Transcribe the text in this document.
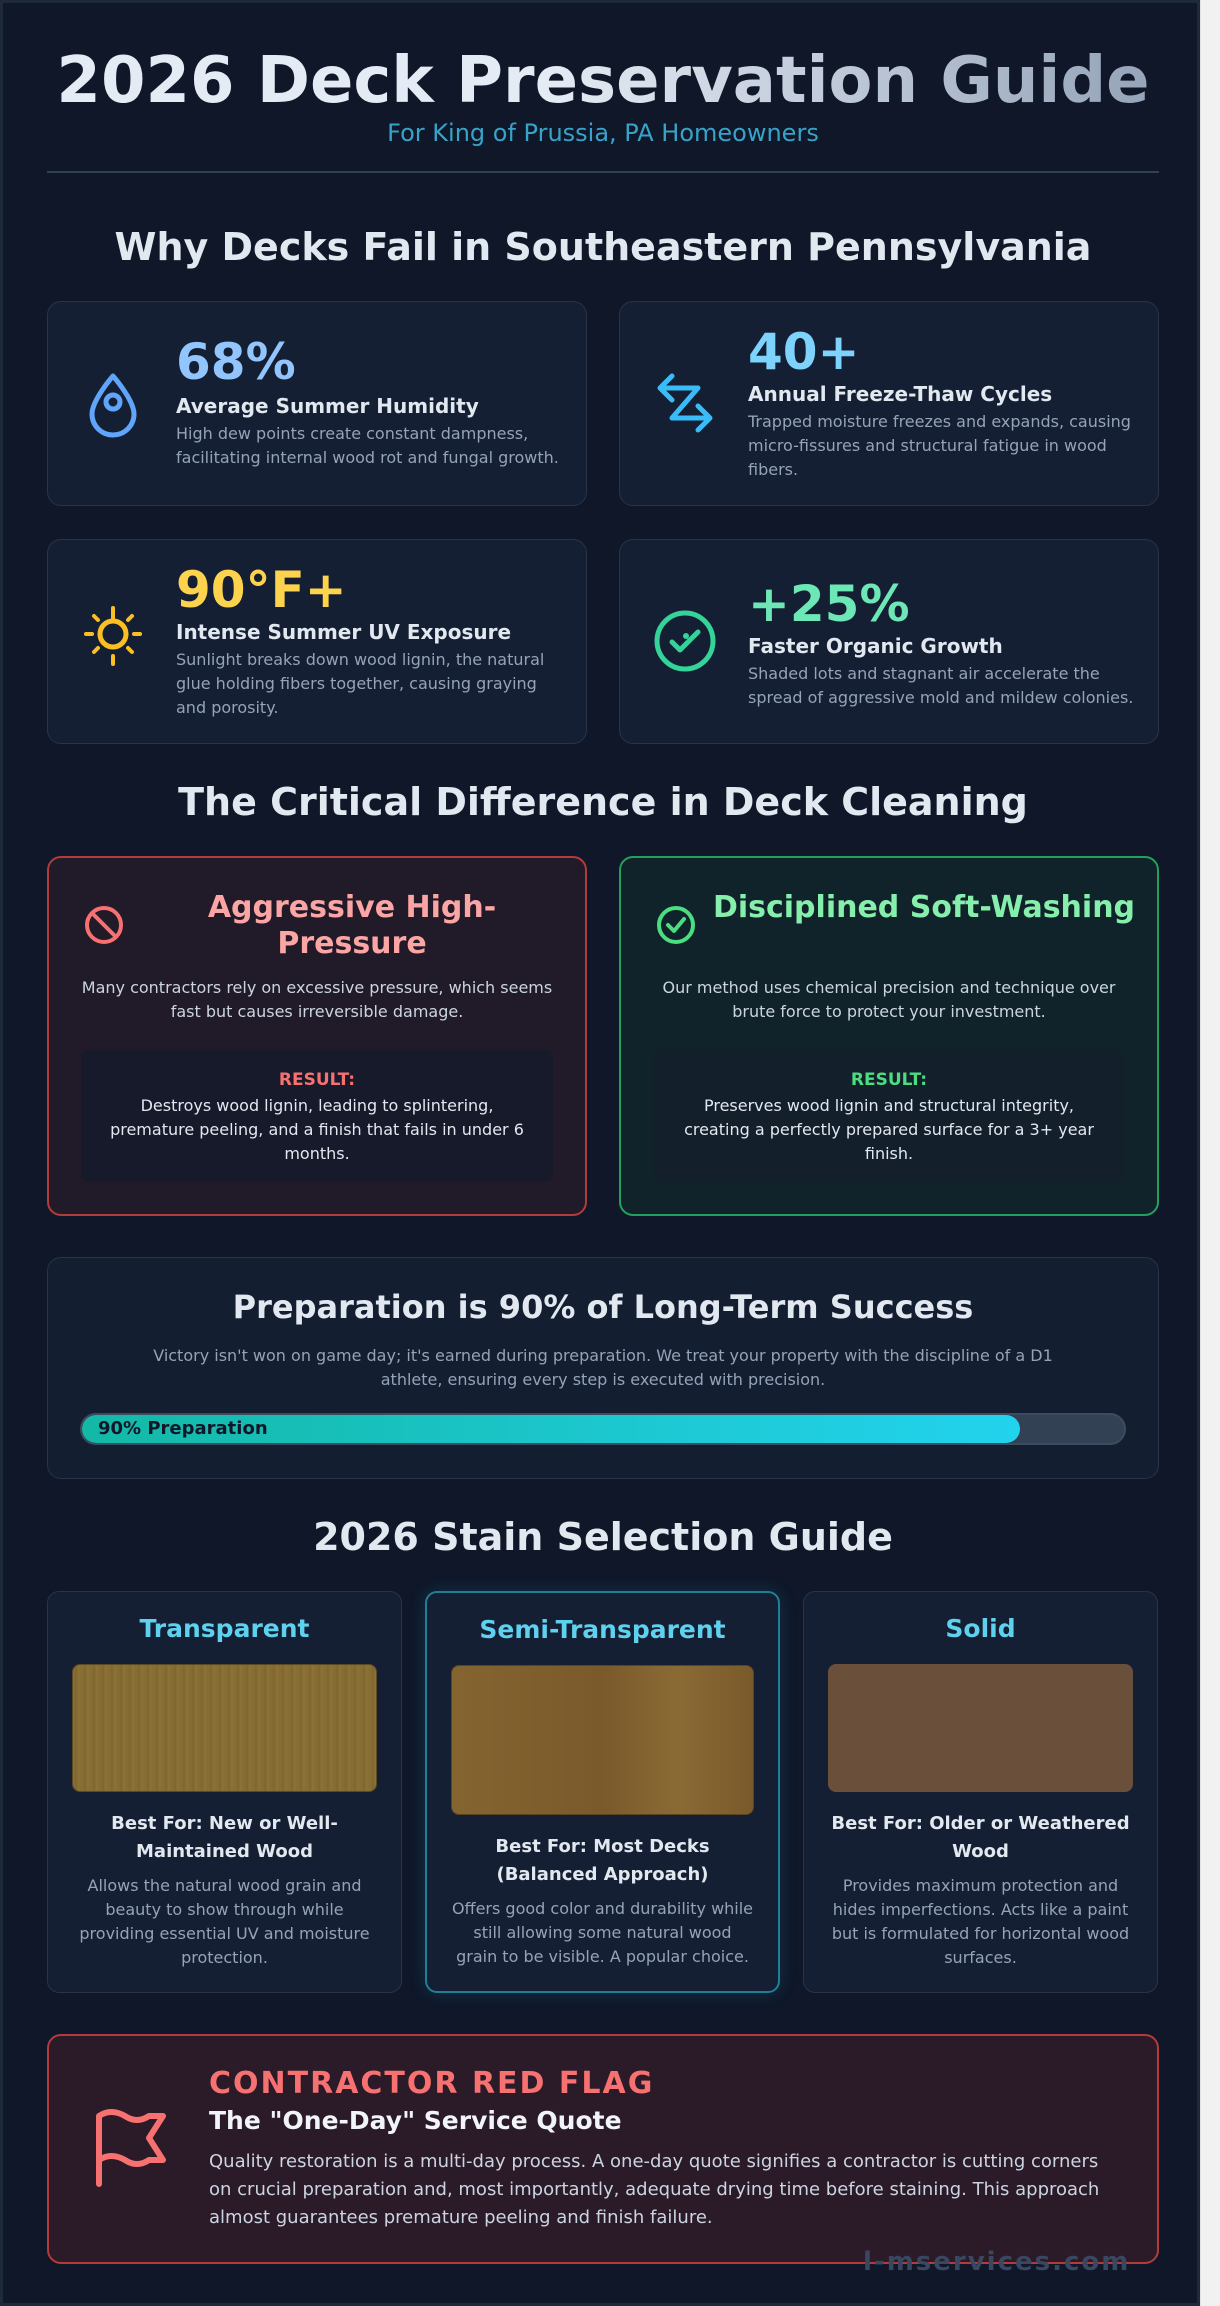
2026 Deck Preservation Guide
For King of Prussia, PA Homeowners
Why Decks Fail in Southeastern Pennsylvania
68%
Average Summer Humidity
High dew points create constant dampness, facilitating internal wood rot and fungal growth.
40+
Annual Freeze-Thaw Cycles
Trapped moisture freezes and expands, causing micro-fissures and structural fatigue in wood fibers.
90°F+
Intense Summer UV Exposure
Sunlight breaks down wood lignin, the natural glue holding fibers together, causing graying and porosity.
+25%
Faster Organic Growth
Shaded lots and stagnant air accelerate the spread of aggressive mold and mildew colonies.
The Critical Difference in Deck Cleaning
Aggressive High-Pressure
Many contractors rely on excessive pressure, which seems fast but causes irreversible damage.
RESULT:
Destroys wood lignin, leading to splintering, premature peeling, and a finish that fails in under 6 months.
Disciplined Soft-Washing
Our method uses chemical precision and technique over brute force to protect your investment.
RESULT:
Preserves wood lignin and structural integrity, creating a perfectly prepared surface for a 3+ year finish.
Preparation is 90% of Long-Term Success
Victory isn't won on game day; it's earned during preparation. We treat your property with the discipline of a D1 athlete, ensuring every step is executed with precision.
90% Preparation
2026 Stain Selection Guide
Transparent
Best For: New or Well-Maintained Wood
Allows the natural wood grain and beauty to show through while providing essential UV and moisture protection.
Semi-Transparent
Best For: Most Decks (Balanced Approach)
Offers good color and durability while still allowing some natural wood grain to be visible. A popular choice.
Solid
Best For: Older or Weathered Wood
Provides maximum protection and hides imperfections. Acts like a paint but is formulated for horizontal wood surfaces.
CONTRACTOR RED FLAG
The "One-Day" Service Quote
Quality restoration is a multi-day process. A one-day quote signifies a contractor is cutting corners on crucial preparation and, most importantly, adequate drying time before staining. This approach almost guarantees premature peeling and finish failure.
l-mservices.com
